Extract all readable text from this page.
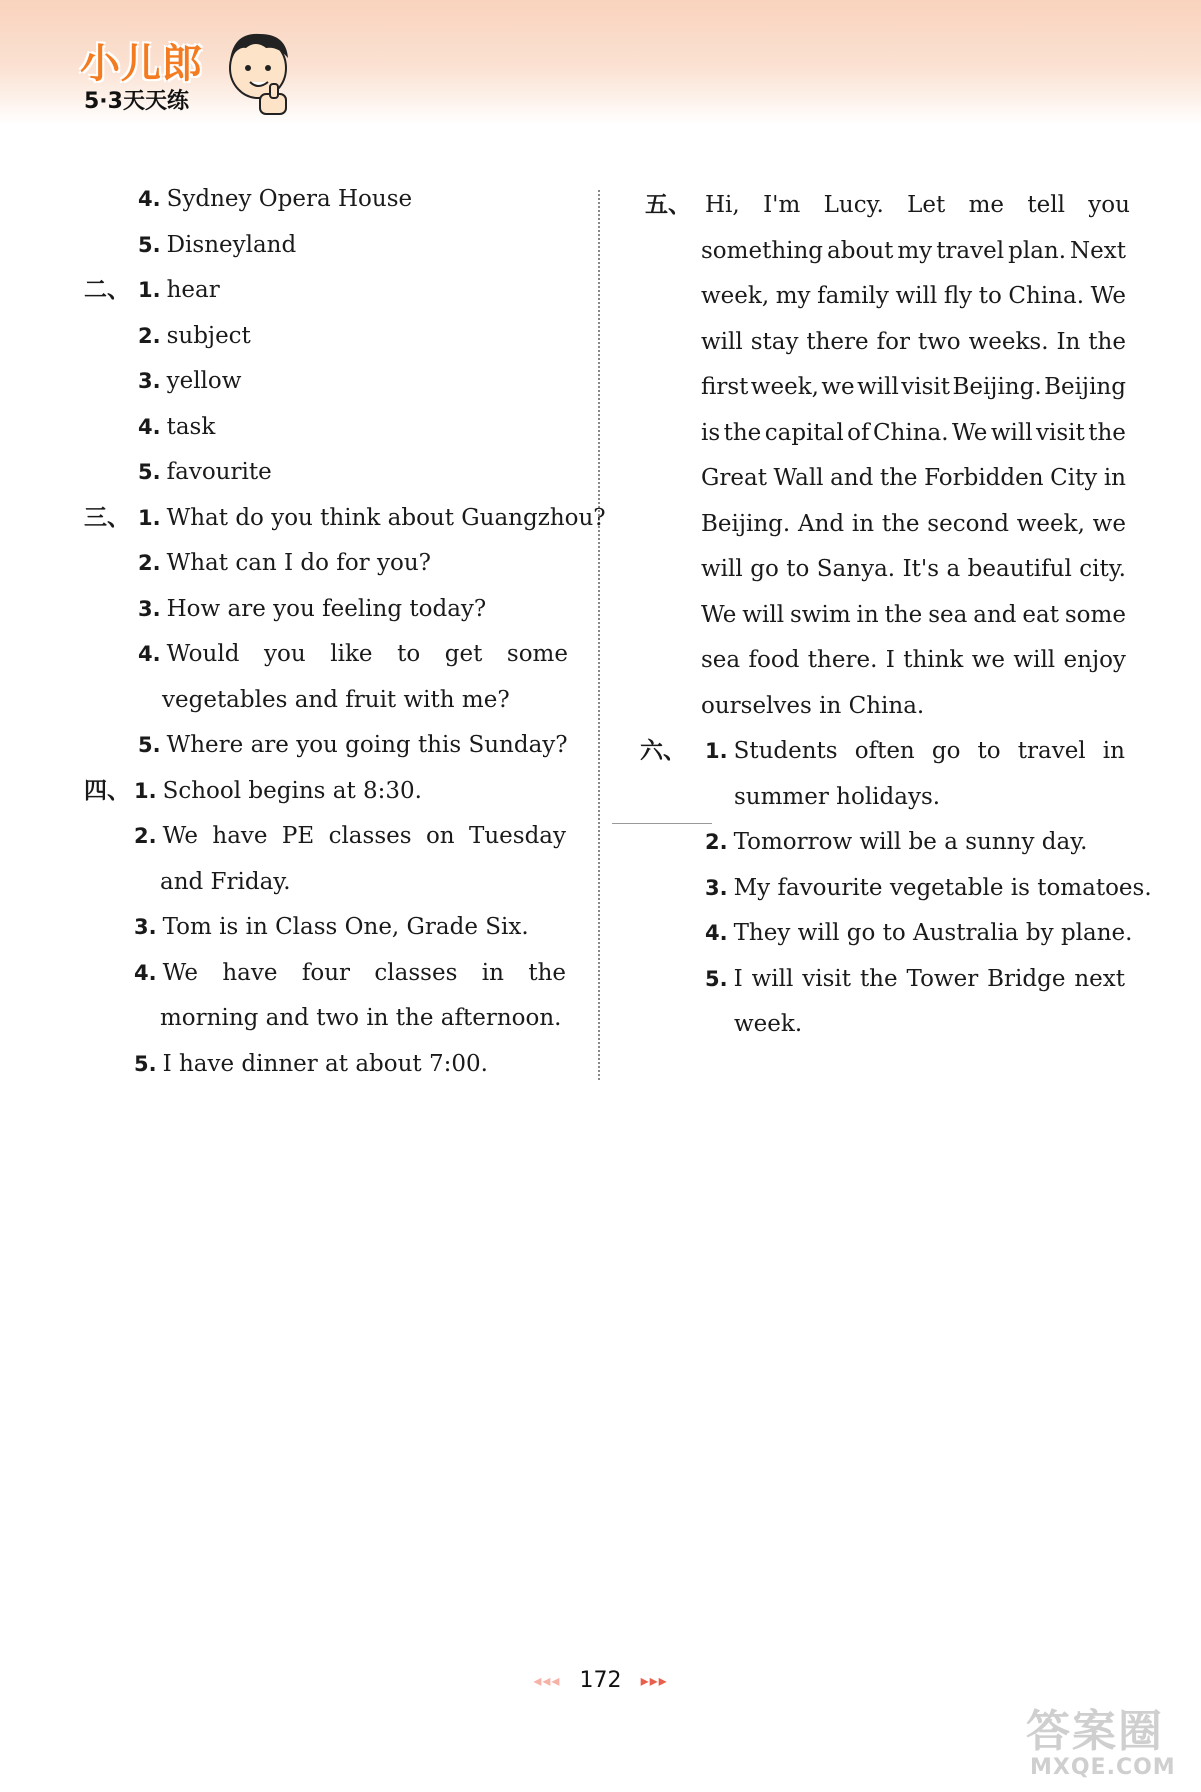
小儿郎
5·3天天练
◂◂◂ 172 ▸▸▸
答案圈
MXQE.COM
4. Sydney Opera House
5. Disneyland
二、 1. hear
2. subject
3. yellow
4. task
5. favourite
三、 1. What do you think about Guangzhou?
2. What can I do for you?
3. How are you feeling today?
4. Would you like to get some
vegetables and fruit with me?
5. Where are you going this Sunday?
四、 1. School begins at 8:30.
2. We have PE classes on Tuesday
and Friday.
3. Tom is in Class One, Grade Six.
4. We have four classes in the
morning and two in the afternoon.
5. I have dinner at about 7:00.
五、 Hi, I'm Lucy. Let me tell you
something about my travel plan. Next
week, my family will fly to China. We
will stay there for two weeks. In the
first week, we will visit Beijing. Beijing
is the capital of China. We will visit the
Great Wall and the Forbidden City in
Beijing. And in the second week, we
will go to Sanya. It's a beautiful city.
We will swim in the sea and eat some
sea food there. I think we will enjoy
ourselves in China.
六、 1. Students often go to travel in
summer holidays.
2. Tomorrow will be a sunny day.
3. My favourite vegetable is tomatoes.
4. They will go to Australia by plane.
5. I will visit the Tower Bridge next
week.
